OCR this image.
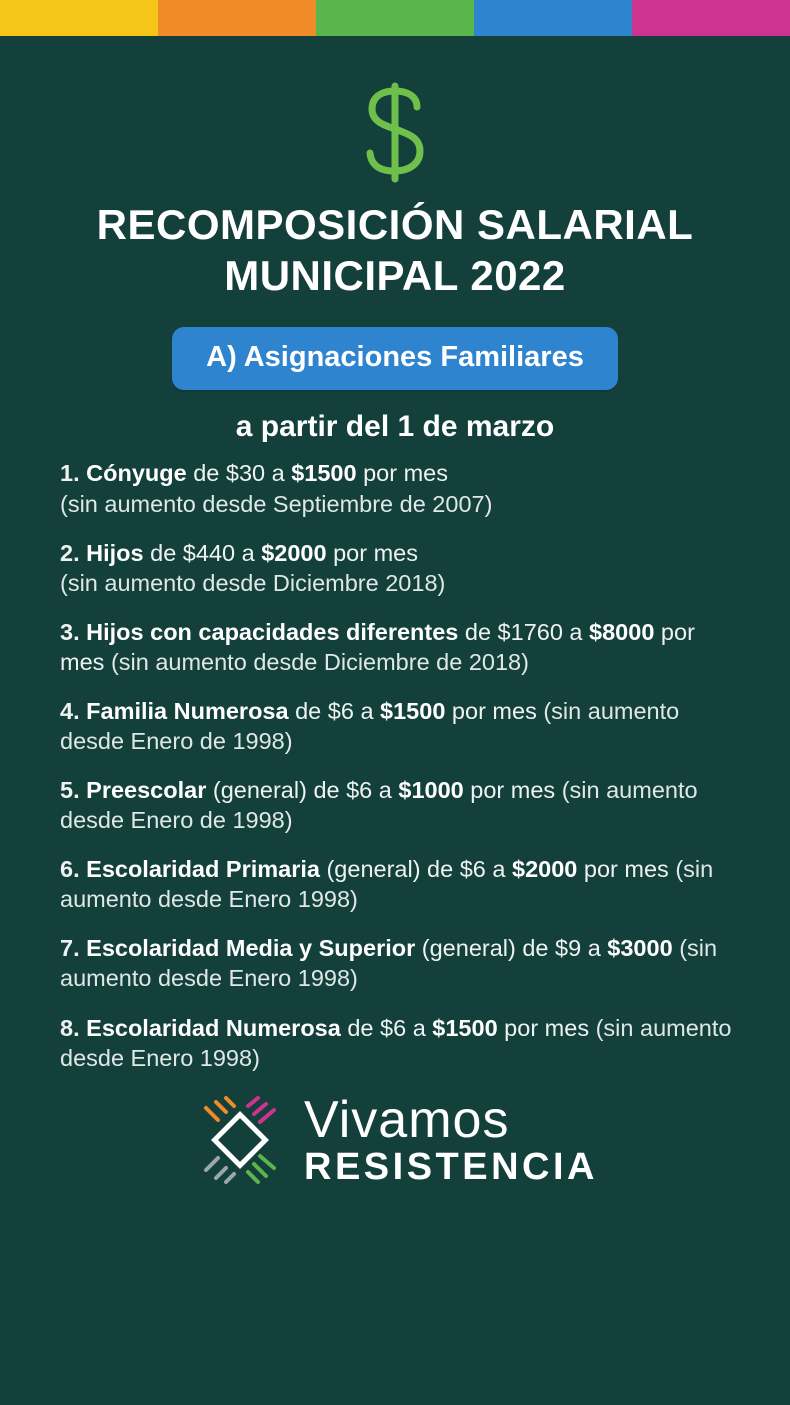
RECOMPOSICIÓN SALARIAL
MUNICIPAL 2022
A) Asignaciones Familiares
a partir del 1 de marzo
1. Cónyuge de $30 a $1500 por mes
(sin aumento desde Septiembre de 2007)
2. Hijos de $440 a $2000 por mes
(sin aumento desde Diciembre 2018)
3. Hijos con capacidades diferentes de $1760 a $8000 por mes (sin aumento desde Diciembre de 2018)
4. Familia Numerosa de $6 a $1500 por mes (sin aumento desde Enero de 1998)
5. Preescolar (general) de $6 a $1000 por mes (sin aumento desde Enero de 1998)
6. Escolaridad Primaria (general) de $6 a $2000 por mes (sin aumento desde Enero 1998)
7. Escolaridad Media y Superior (general) de $9 a $3000 (sin aumento desde Enero 1998)
8. Escolaridad Numerosa de $6 a $1500 por mes (sin aumento desde Enero 1998)
Vivamos
RESISTENCIA
